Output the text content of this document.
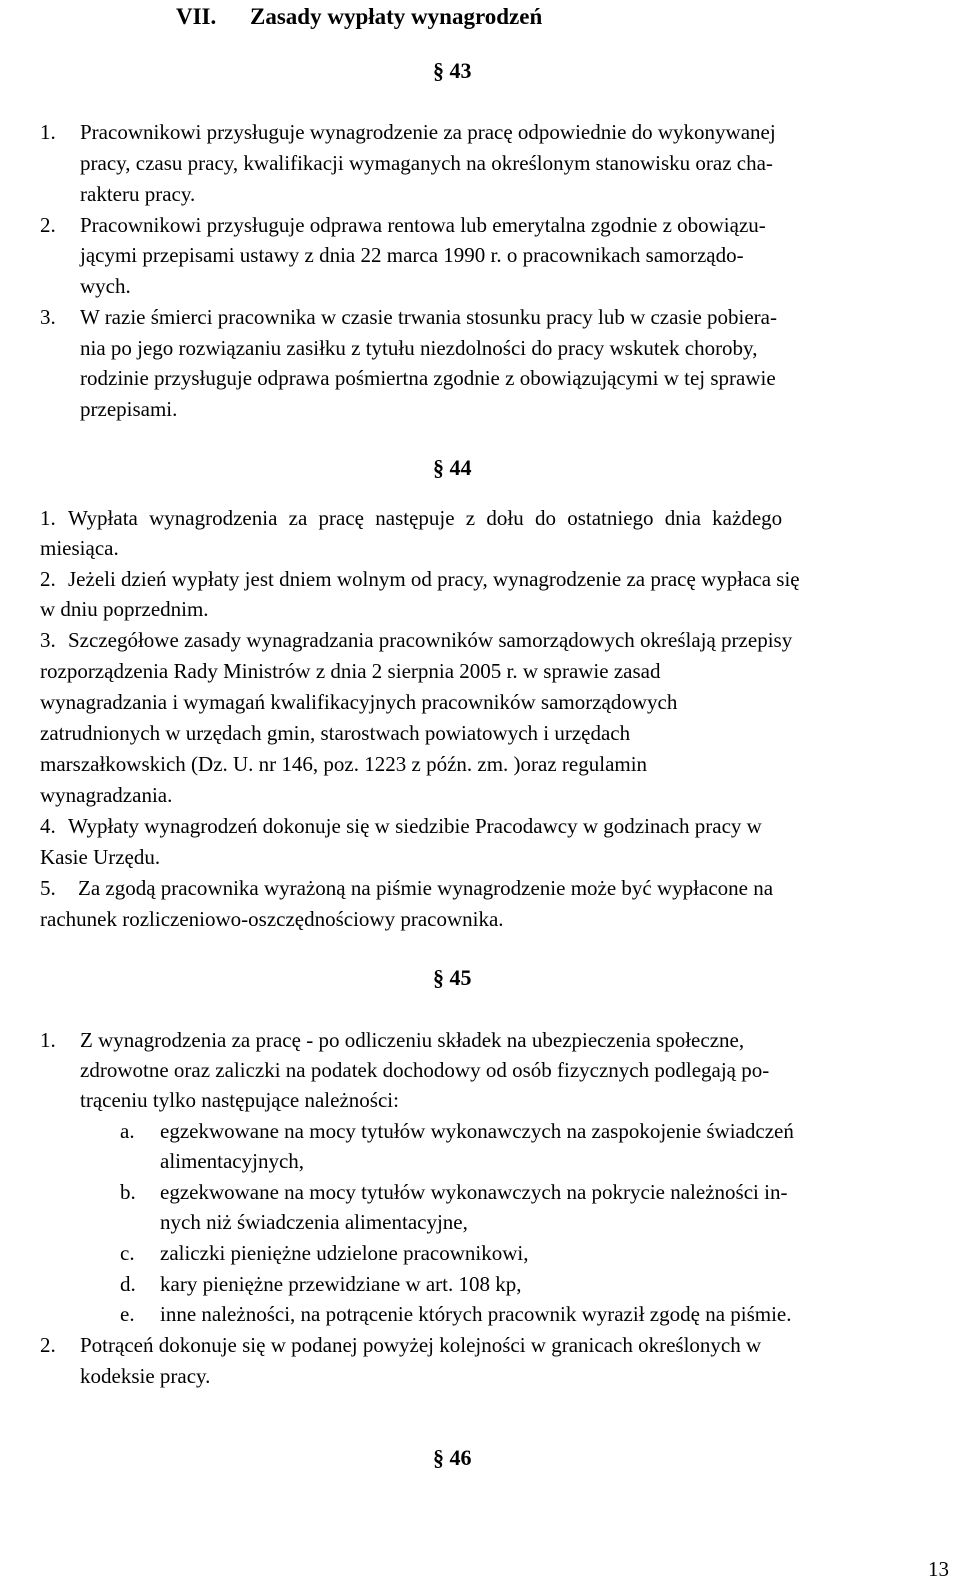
VII. Zasady wypłaty wynagrodzeń
§ 43
1. Pracownikowi przysługuje wynagrodzenie za pracę odpowiednie do wykonywanej
pracy, czasu pracy, kwalifikacji wymaganych na określonym stanowisku oraz cha-
rakteru pracy.
2. Pracownikowi przysługuje odprawa rentowa lub emerytalna zgodnie z obowiązu-
jącymi przepisami ustawy z dnia 22 marca 1990 r. o pracownikach samorządo-
wych.
3. W razie śmierci pracownika w czasie trwania stosunku pracy lub w czasie pobiera-
nia po jego rozwiązaniu zasiłku z tytułu niezdolności do pracy wskutek choroby,
rodzinie przysługuje odprawa pośmiertna zgodnie z obowiązującymi w tej sprawie
przepisami.
§ 44
1. Wypłata wynagrodzenia za pracę następuje z dołu do ostatniego dnia każdego
miesiąca.
2. Jeżeli dzień wypłaty jest dniem wolnym od pracy, wynagrodzenie za pracę wypłaca się
w dniu poprzednim.
3. Szczegółowe zasady wynagradzania pracowników samorządowych określają przepisy
rozporządzenia Rady Ministrów z dnia 2 sierpnia 2005 r. w sprawie zasad
wynagradzania i wymagań kwalifikacyjnych pracowników samorządowych
zatrudnionych w urzędach gmin, starostwach powiatowych i urzędach
marszałkowskich (Dz. U. nr 146, poz. 1223 z późn. zm. )oraz regulamin
wynagradzania.
4. Wypłaty wynagrodzeń dokonuje się w siedzibie Pracodawcy w godzinach pracy w
Kasie Urzędu.
5. Za zgodą pracownika wyrażoną na piśmie wynagrodzenie może być wypłacone na
rachunek rozliczeniowo-oszczędnościowy pracownika.
§ 45
1. Z wynagrodzenia za pracę - po odliczeniu składek na ubezpieczenia społeczne,
zdrowotne oraz zaliczki na podatek dochodowy od osób fizycznych podlegają po-
trąceniu tylko następujące należności:
a. egzekwowane na mocy tytułów wykonawczych na zaspokojenie świadczeń
alimentacyjnych,
b. egzekwowane na mocy tytułów wykonawczych na pokrycie należności in-
nych niż świadczenia alimentacyjne,
c. zaliczki pieniężne udzielone pracownikowi,
d. kary pieniężne przewidziane w art. 108 kp,
e. inne należności, na potrącenie których pracownik wyraził zgodę na piśmie.
2. Potrąceń dokonuje się w podanej powyżej kolejności w granicach określonych w
kodeksie pracy.
§ 46
13
